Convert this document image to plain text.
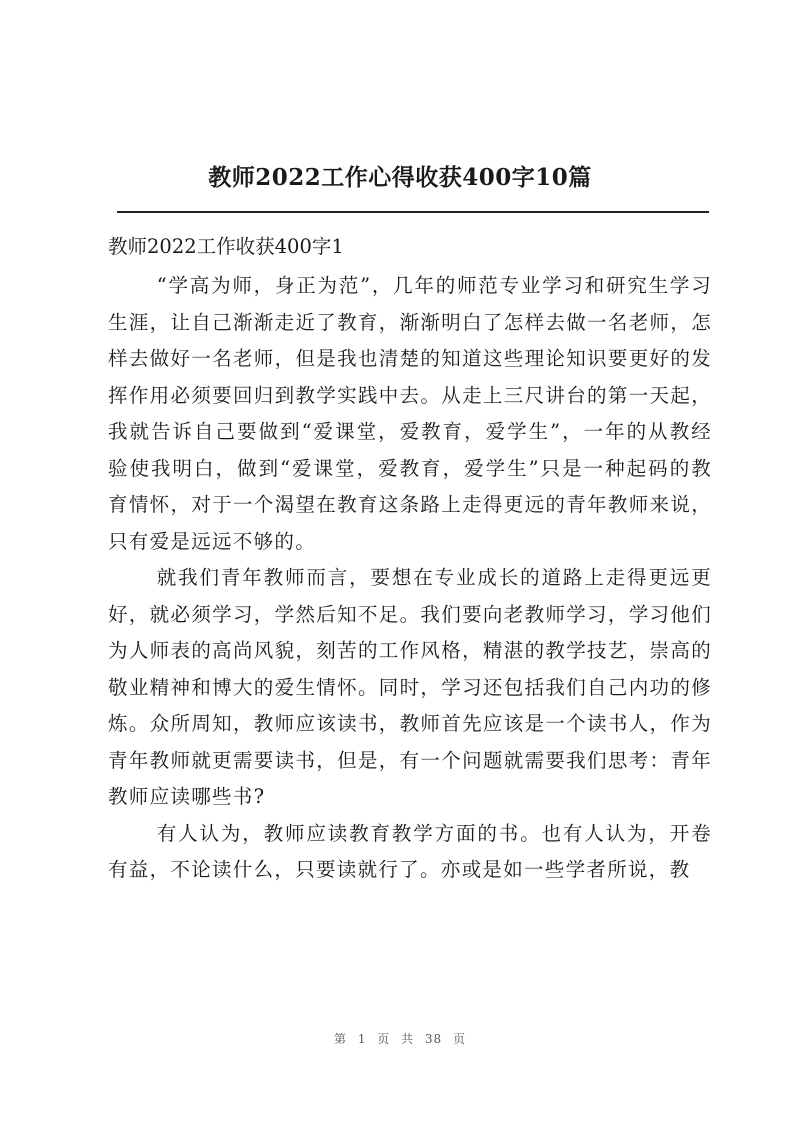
教师2022工作心得收获400字10篇
教师2022工作收获400字1

“学高为师，身正为范”，几年的师范专业学习和研究生学习生涯，让自己渐渐走近了教育，渐渐明白了怎样去做一名老师，怎样去做好一名老师，但是我也清楚的知道这些理论知识要更好的发挥作用必须要回归到教学实践中去。从走上三尺讲台的第一天起，我就告诉自己要做到“爱课堂，爱教育，爱学生”，一年的从教经验使我明白，做到“爱课堂，爱教育，爱学生”只是一种起码的教育情怀，对于一个渴望在教育这条路上走得更远的青年教师来说，只有爱是远远不够的。

就我们青年教师而言，要想在专业成长的道路上走得更远更好，就必须学习，学然后知不足。我们要向老教师学习，学习他们为人师表的高尚风貌，刻苦的工作风格，精湛的教学技艺，崇高的敬业精神和博大的爱生情怀。同时，学习还包括我们自己内功的修炼。众所周知，教师应该读书，教师首先应该是一个读书人，作为青年教师就更需要读书，但是，有一个问题就需要我们思考：青年教师应读哪些书?

有人认为，教师应读教育教学方面的书。也有人认为，开卷有益，不论读什么，只要读就行了。亦或是如一些学者所说，教

第 1 页 共 38 页
